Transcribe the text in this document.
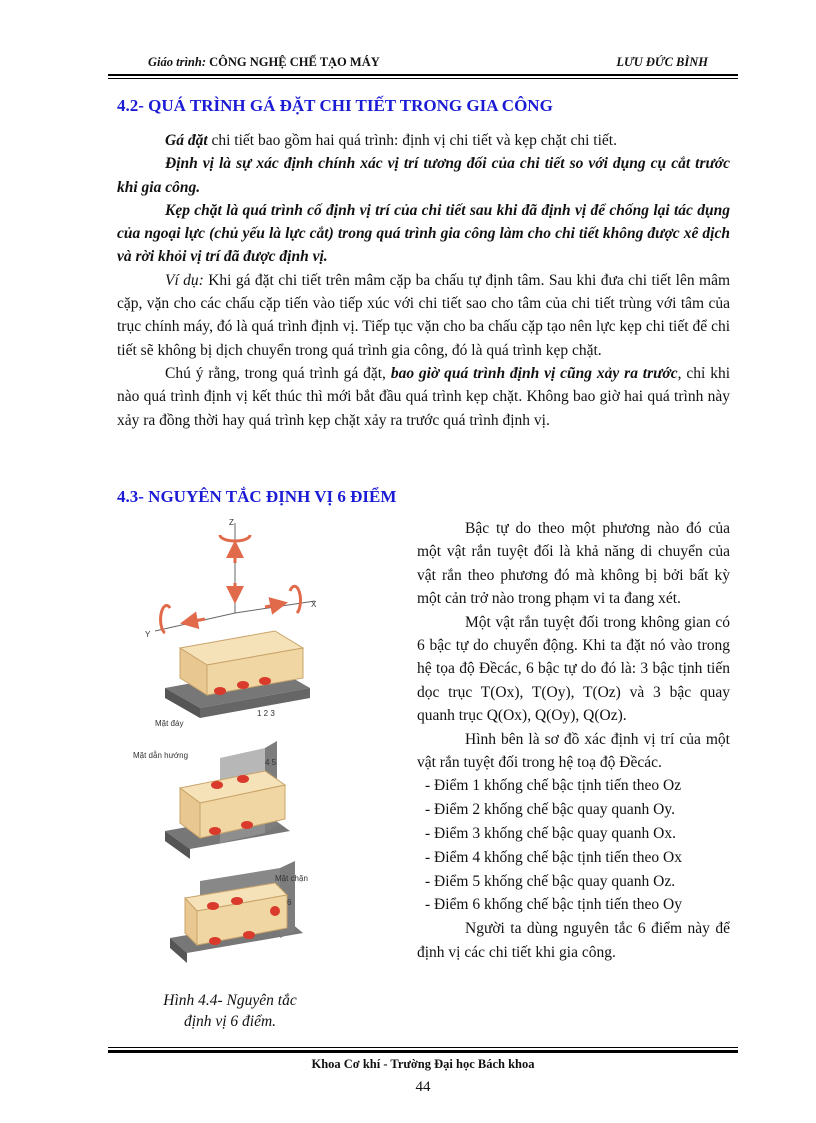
Giáo trình: CÔNG NGHỆ CHẾ TẠO MÁY	LƯU ĐỨC BÌNH
4.2- QUÁ TRÌNH GÁ ĐẶT CHI TIẾT TRONG GIA CÔNG

Gá đặt chi tiết bao gồm hai quá trình: định vị chi tiết và kẹp chặt chi tiết.

Định vị là sự xác định chính xác vị trí tương đối của chi tiết so với dụng cụ cắt trước khi gia công.

Kẹp chặt là quá trình cố định vị trí của chi tiết sau khi đã định vị để chống lại tác dụng của ngoại lực (chủ yếu là lực cắt) trong quá trình gia công làm cho chi tiết không được xê dịch và rời khỏi vị trí đã được định vị.

Ví dụ: Khi gá đặt chi tiết trên mâm cặp ba chấu tự định tâm. Sau khi đưa chi tiết lên mâm cặp, vặn cho các chấu cặp tiến vào tiếp xúc với chi tiết sao cho tâm của chi tiết trùng với tâm của trục chính máy, đó là quá trình định vị. Tiếp tục vặn cho ba chấu cặp tạo nên lực kẹp chi tiết để chi tiết sẽ không bị dịch chuyển trong quá trình gia công, đó là quá trình kẹp chặt.

Chú ý rằng, trong quá trình gá đặt, bao giờ quá trình định vị cũng xảy ra trước, chỉ khi nào quá trình định vị kết thúc thì mới bắt đầu quá trình kẹp chặt. Không bao giờ hai quá trình này xảy ra đồng thời hay quá trình kẹp chặt xảy ra trước quá trình định vị.

4.3- NGUYÊN TẮC ĐỊNH VỊ 6 ĐIỂM

Bậc tự do theo một phương nào đó của một vật rắn tuyệt đối là khả năng di chuyển của vật rắn theo phương đó mà không bị bởi bất kỳ một cản trở nào trong phạm vi ta đang xét.

Một vật rắn tuyệt đối trong không gian có 6 bậc tự do chuyển động. Khi ta đặt nó vào trong hệ tọa độ Đềcác, 6 bậc tự do đó là: 3 bậc tịnh tiến dọc trục T(Ox), T(Oy), T(Oz) và 3 bậc quay quanh trục Q(Ox), Q(Oy), Q(Oz).

Hình bên là sơ đồ xác định vị trí của một vật rắn tuyệt đối trong hệ toạ độ Đềcác.

- Điểm 1 khống chế bậc tịnh tiến theo Oz

- Điểm 2 khống chế bậc quay quanh Oy.

- Điểm 3 khống chế bậc quay quanh Ox.

- Điểm 4 khống chế bậc tịnh tiến theo Ox

- Điểm 5 khống chế bậc quay quanh Oz.

- Điểm 6 khống chế bậc tịnh tiến theo Oy

Người ta dùng nguyên tắc 6 điểm này để định vị các chi tiết khi gia công.

Z
X
Y
Mặt đáy
1 2 3
Mặt dẫn hướng
4 5
Mặt chặn
6
Hình 4.4- Nguyên tắc
định vị 6 điểm.
Khoa Cơ khí - Trường Đại học Bách khoa
44
